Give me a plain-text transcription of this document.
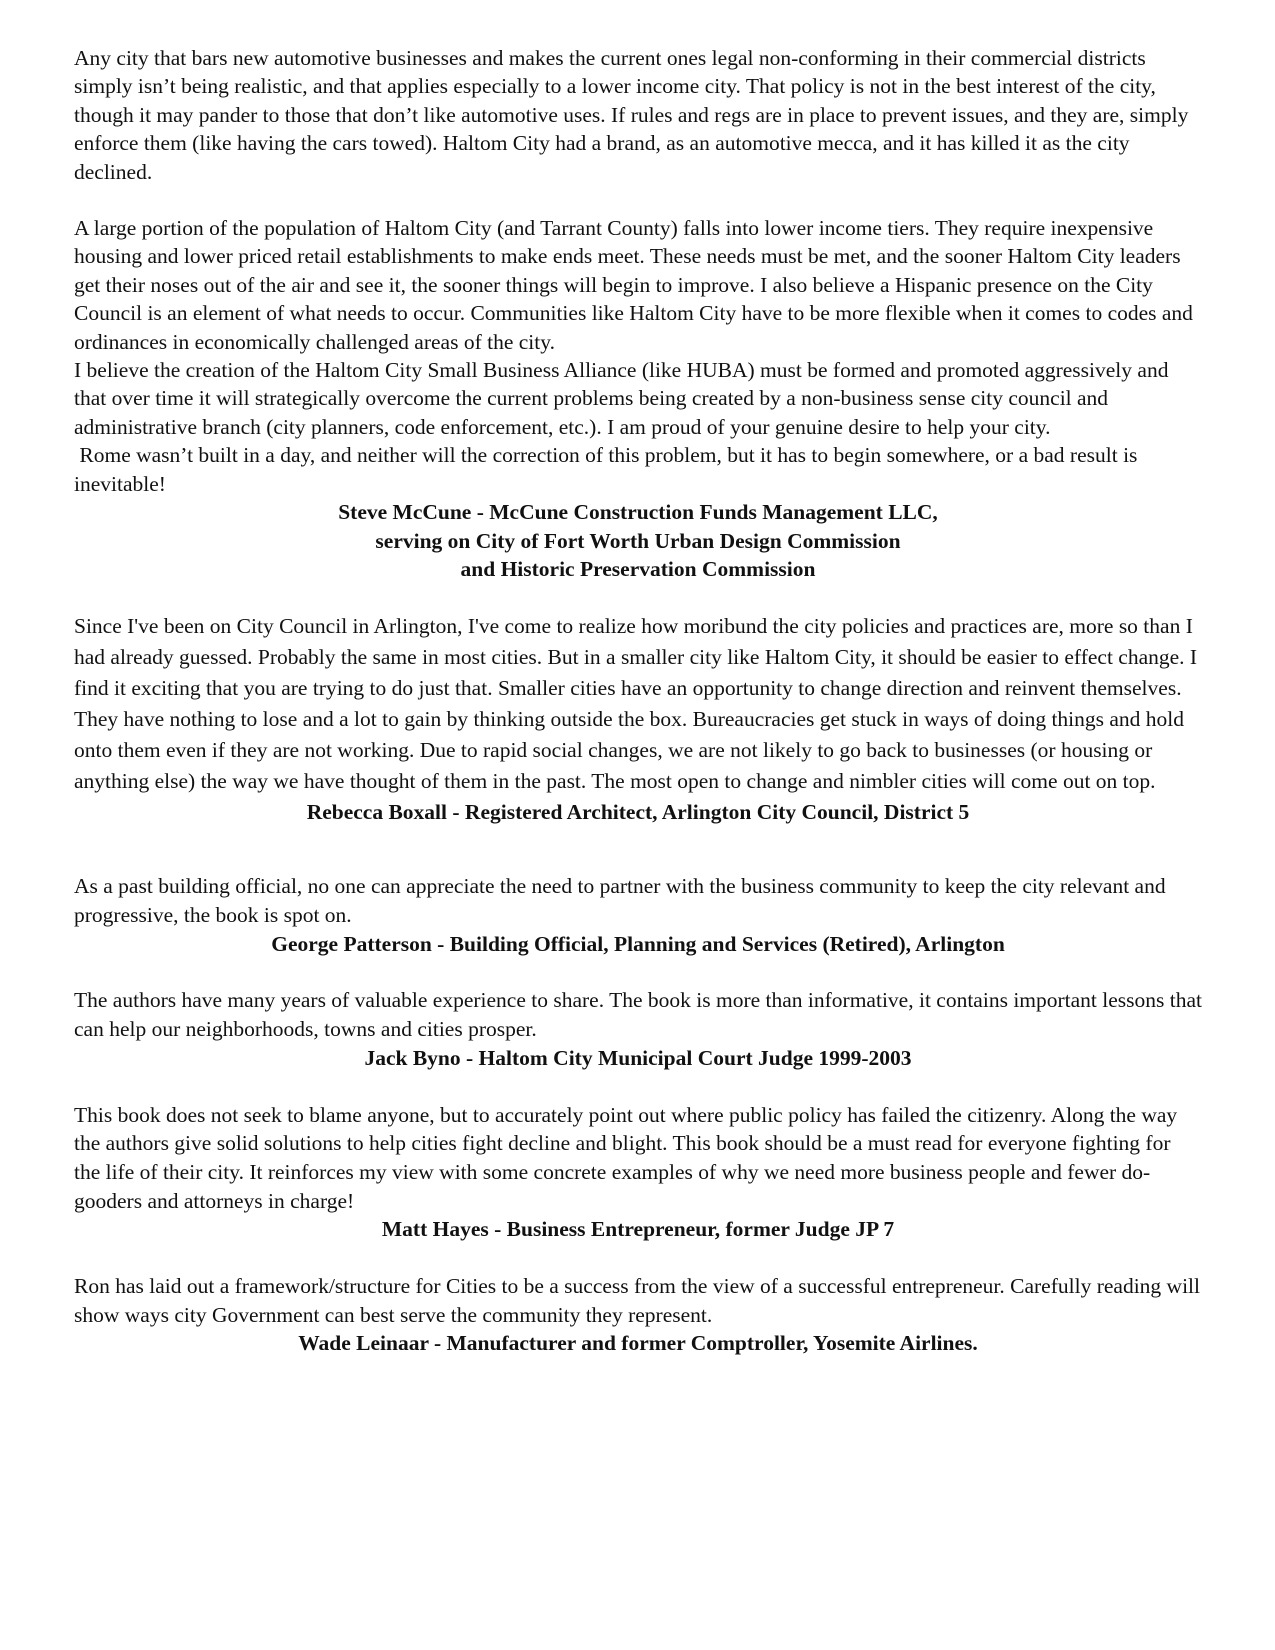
Any city that bars new automotive businesses and makes the current ones legal non-conforming in their commercial districts simply isn’t being realistic, and that applies especially to a lower income city. That policy is not in the best interest of the city, though it may pander to those that don’t like automotive uses. If rules and regs are in place to prevent issues, and they are, simply enforce them (like having the cars towed). Haltom City had a brand, as an automotive mecca, and it has killed it as the city declined.

A large portion of the population of Haltom City (and Tarrant County) falls into lower income tiers. They require inexpensive housing and lower priced retail establishments to make ends meet. These needs must be met, and the sooner Haltom City leaders get their noses out of the air and see it, the sooner things will begin to improve. I also believe a Hispanic presence on the City Council is an element of what needs to occur. Communities like Haltom City have to be more flexible when it comes to codes and ordinances in economically challenged areas of the city.

I believe the creation of the Haltom City Small Business Alliance (like HUBA) must be formed and promoted aggressively and that over time it will strategically overcome the current problems being created by a non-business sense city council and administrative branch (city planners, code enforcement, etc.). I am proud of your genuine desire to help your city.

Rome wasn’t built in a day, and neither will the correction of this problem, but it has to begin somewhere, or a bad result is inevitable!

Steve McCune - McCune Construction Funds Management LLC,

serving on City of Fort Worth Urban Design Commission

and Historic Preservation Commission

Since I've been on City Council in Arlington, I've come to realize how moribund the city policies and practices are, more so than I had already guessed. Probably the same in most cities. But in a smaller city like Haltom City, it should be easier to effect change. I find it exciting that you are trying to do just that. Smaller cities have an opportunity to change direction and reinvent themselves. They have nothing to lose and a lot to gain by thinking outside the box. Bureaucracies get stuck in ways of doing things and hold onto them even if they are not working. Due to rapid social changes, we are not likely to go back to businesses (or housing or anything else) the way we have thought of them in the past. The most open to change and nimbler cities will come out on top.

Rebecca Boxall - Registered Architect, Arlington City Council, District 5

As a past building official, no one can appreciate the need to partner with the business community to keep the city relevant and progressive, the book is spot on.

George Patterson - Building Official, Planning and Services (Retired), Arlington

The authors have many years of valuable experience to share. The book is more than informative, it contains important lessons that can help our neighborhoods, towns and cities prosper.

Jack Byno - Haltom City Municipal Court Judge 1999-2003

This book does not seek to blame anyone, but to accurately point out where public policy has failed the citizenry. Along the way the authors give solid solutions to help cities fight decline and blight. This book should be a must read for everyone fighting for the life of their city. It reinforces my view with some concrete examples of why we need more business people and fewer do-gooders and attorneys in charge!

Matt Hayes - Business Entrepreneur, former Judge JP 7

Ron has laid out a framework/structure for Cities to be a success from the view of a successful entrepreneur. Carefully reading will show ways city Government can best serve the community they represent.

Wade Leinaar - Manufacturer and former Comptroller, Yosemite Airlines.
